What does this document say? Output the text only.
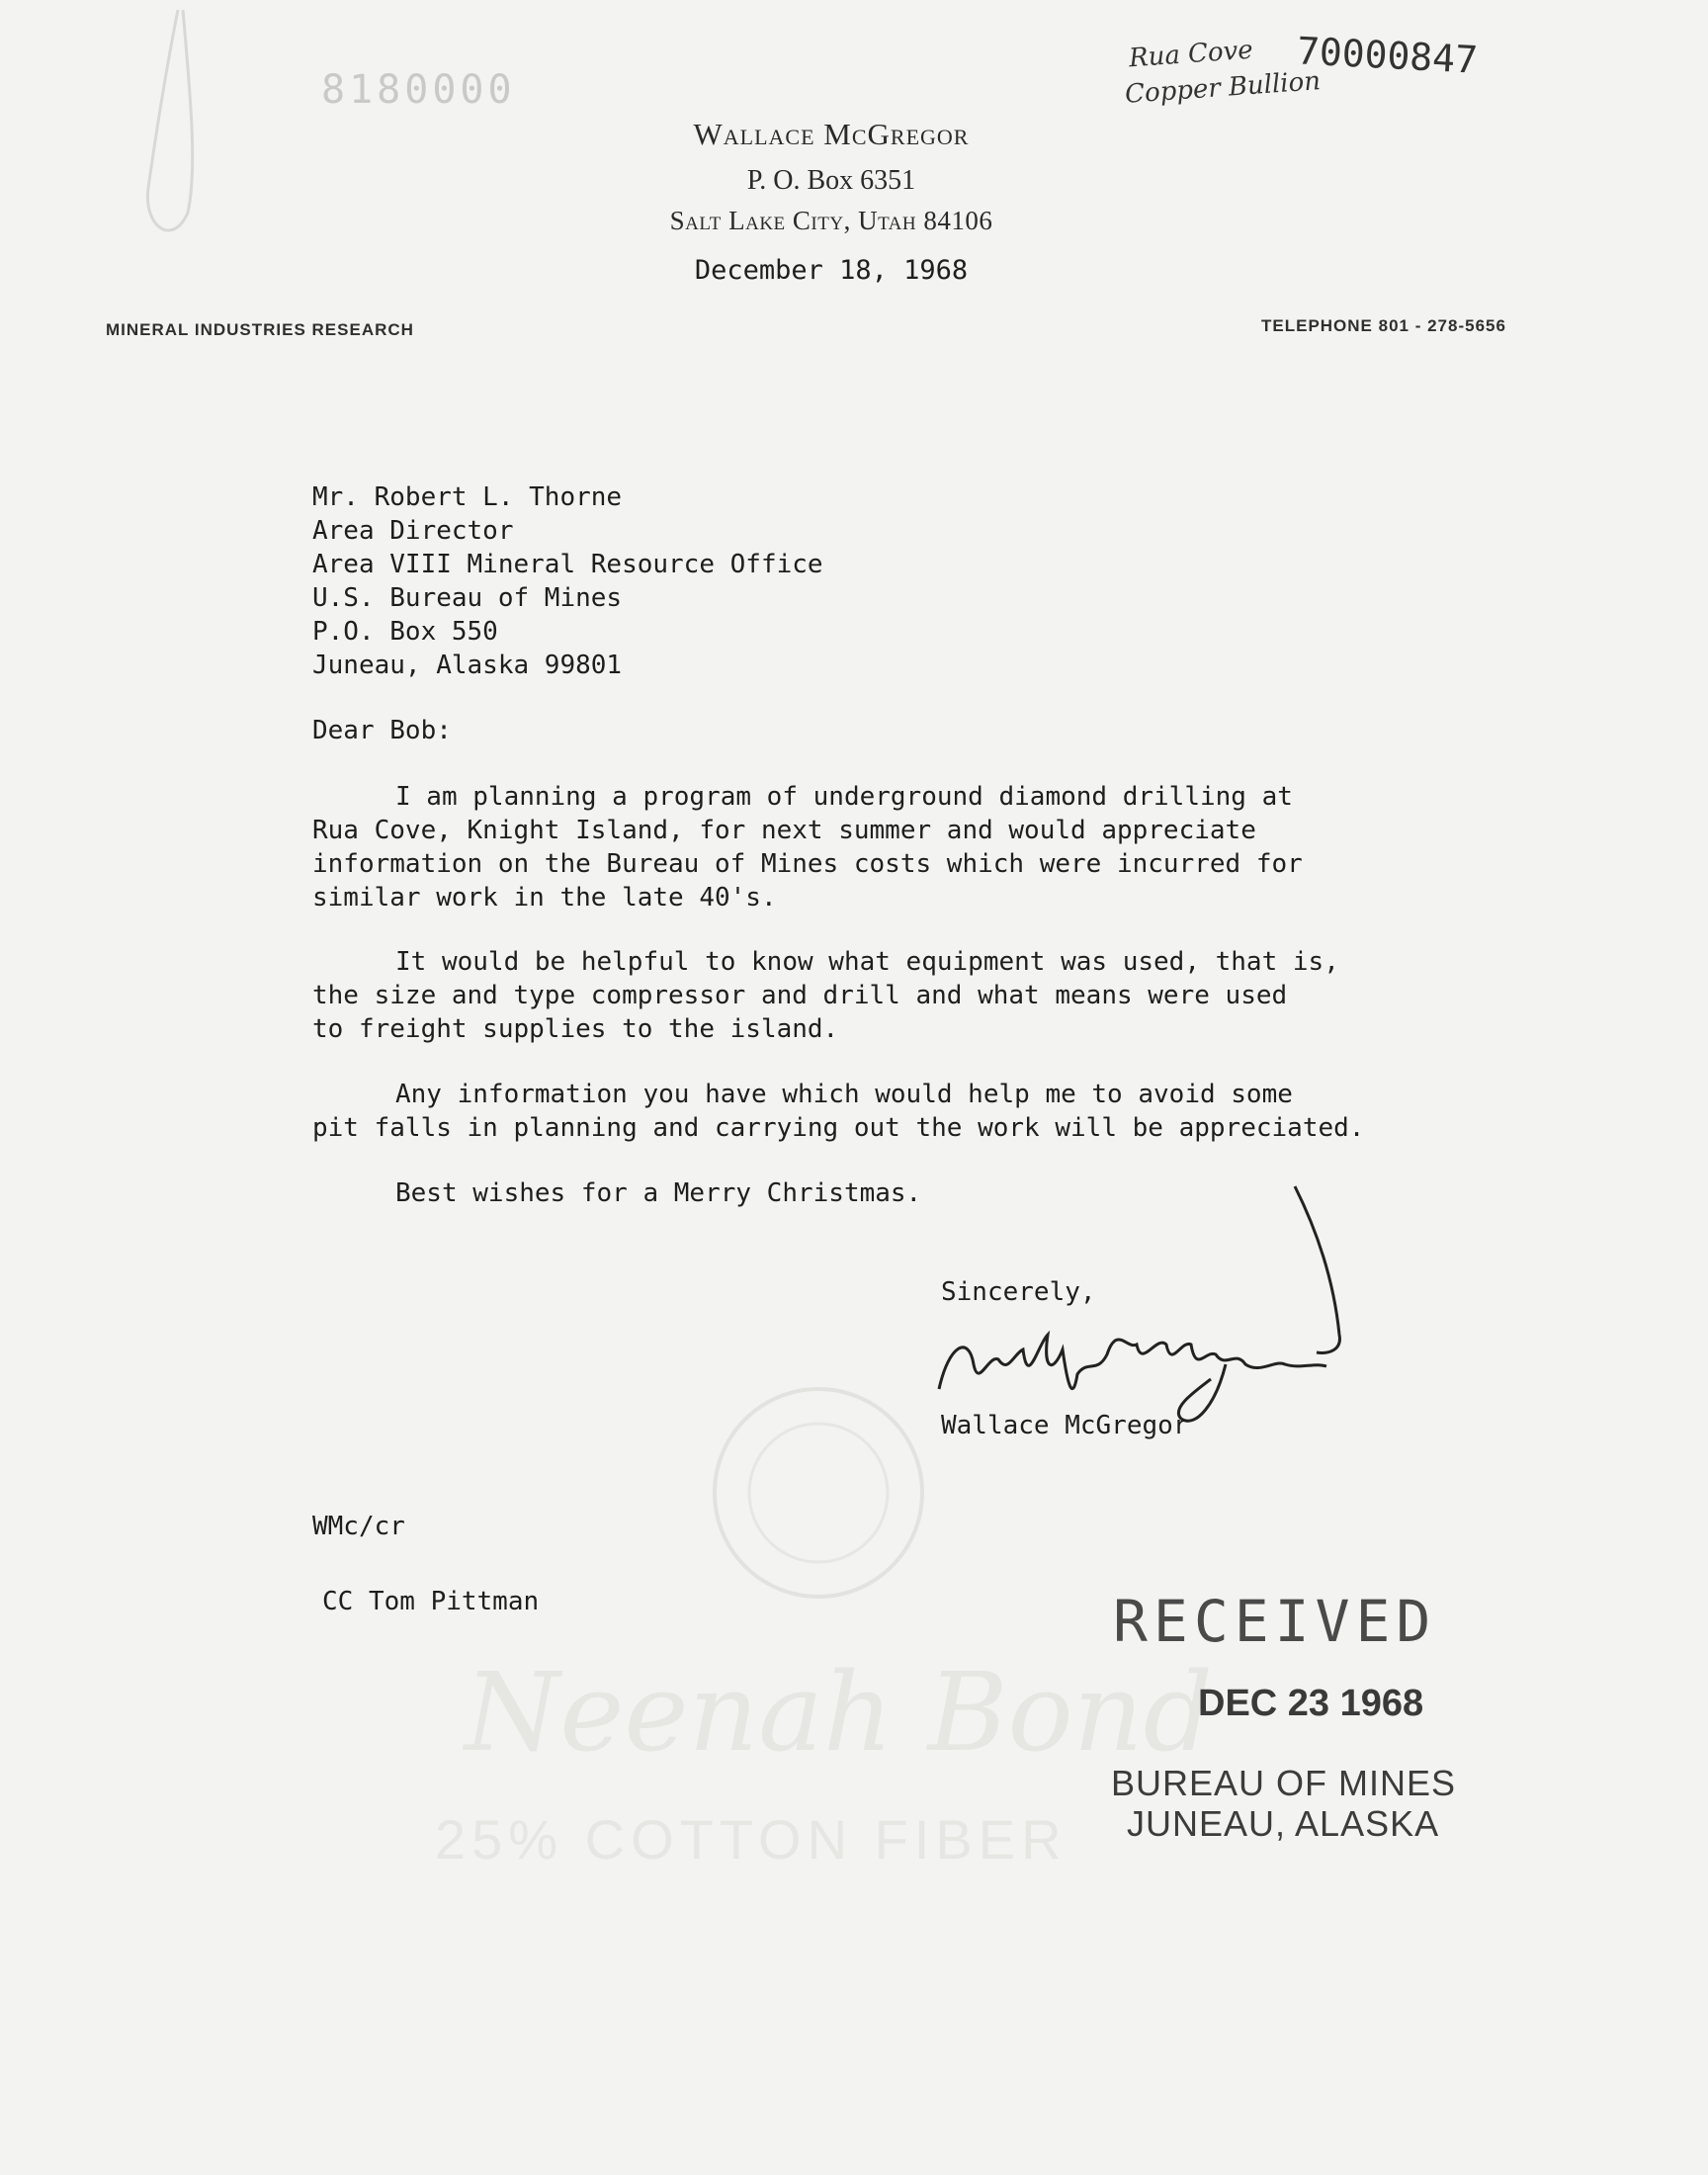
Neenah Bond
25% COTTON FIBER
8180000
Rua Cove
Copper Bullion
70000847
Wallace McGregor
P. O. Box 6351
Salt Lake City, Utah 84106
December 18, 1968
MINERAL INDUSTRIES RESEARCH	TELEPHONE 801 - 278-5656
Mr. Robert L. Thorne
Area Director
Area VIII Mineral Resource Office
U.S. Bureau of Mines
P.O. Box 550
Juneau, Alaska 99801
Dear Bob:
I am planning a program of underground diamond drilling at
Rua Cove, Knight Island, for next summer and would appreciate
information on the Bureau of Mines costs which were incurred for
similar work in the late 40's.
It would be helpful to know what equipment was used, that is,
the size and type compressor and drill and what means were used
to freight supplies to the island.
Any information you have which would help me to avoid some
pit falls in planning and carrying out the work will be appreciated.
Best wishes for a Merry Christmas.
Sincerely,
Wallace McGregor
WMc/cr
CC Tom Pittman	RECEIVED
DEC 23 1968
BUREAU OF MINES
JUNEAU, ALASKA
